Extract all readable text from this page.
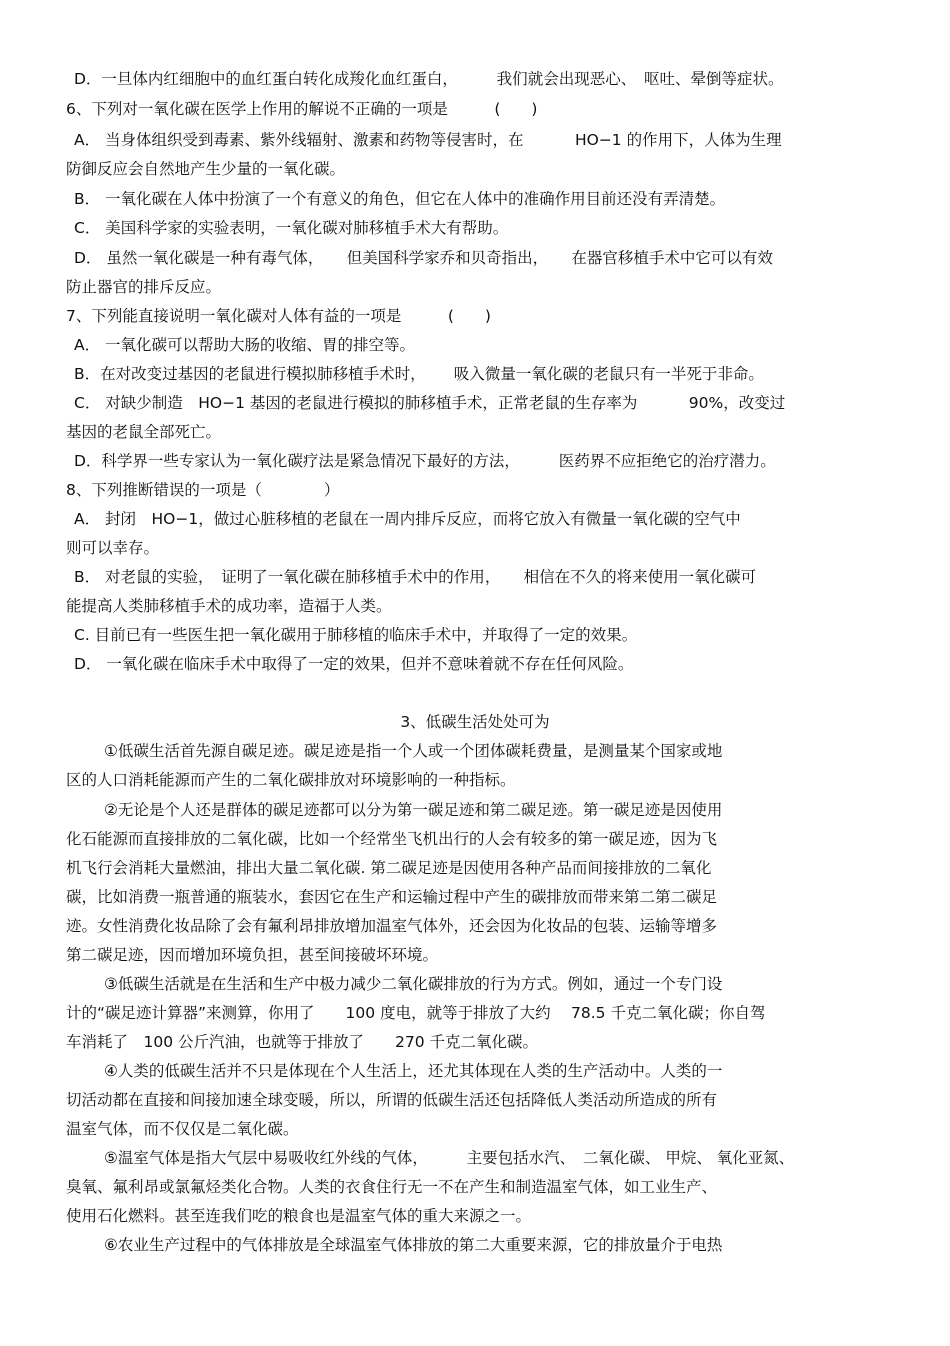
D．一旦体内红细胞中的血红蛋白转化成羧化血红蛋白，　　　我们就会出现恶心、　呕吐、晕倒等症状。
6、下列对一氧化碳在医学上作用的解说不正确的一项是　　　(　　)
A． 当身体组织受到毒素、紫外线辐射、激素和药物等侵害时，在　　　 HO−1 的作用下，人体为生理
防御反应会自然地产生少量的一氧化碳。
B． 一氧化碳在人体中扮演了一个有意义的角色，但它在人体中的准确作用目前还没有弄清楚。
C． 美国科学家的实验表明，一氧化碳对肺移植手术大有帮助。
D． 虽然一氧化碳是一种有毒气体，　　但美国科学家乔和贝奇指出，　　在器官移植手术中它可以有效
防止器官的排斥反应。
7、下列能直接说明一氧化碳对人体有益的一项是　　　(　　)
A． 一氧化碳可以帮助大肠的收缩、胃的排空等。
B．在对改变过基因的老鼠进行模拟肺移植手术时，　　 吸入微量一氧化碳的老鼠只有一半死于非命。
C． 对缺少制造　HO−1 基因的老鼠进行模拟的肺移植手术，正常老鼠的生存率为　　　 90%，改变过
基因的老鼠全部死亡。
D．科学界一些专家认为一氧化碳疗法是紧急情况下最好的方法，　　　医药界不应拒绝它的治疗潜力。
8、下列推断错误的一项是（　　　　）
A． 封闭　HO−1，做过心脏移植的老鼠在一周内排斥反应，而将它放入有微量一氧化碳的空气中
则可以幸存。
B． 对老鼠的实验，　证明了一氧化碳在肺移植手术中的作用，　　相信在不久的将来使用一氧化碳可
能提高人类肺移植手术的成功率，造福于人类。
C. 目前已有一些医生把一氧化碳用于肺移植的临床手术中，并取得了一定的效果。
D． 一氧化碳在临床手术中取得了一定的效果，但并不意味着就不存在任何风险。
3、低碳生活处处可为
①低碳生活首先源自碳足迹。碳足迹是指一个人或一个团体碳耗费量，是测量某个国家或地
区的人口消耗能源而产生的二氧化碳排放对环境影响的一种指标。
②无论是个人还是群体的碳足迹都可以分为第一碳足迹和第二碳足迹。第一碳足迹是因使用
化石能源而直接排放的二氧化碳，比如一个经常坐飞机出行的人会有较多的第一碳足迹，因为飞
机飞行会消耗大量燃油，排出大量二氧化碳. 第二碳足迹是因使用各种产品而间接排放的二氧化
碳，比如消费一瓶普通的瓶装水，套因它在生产和运输过程中产生的碳排放而带来第二第二碳足
迹。女性消费化妆品除了会有氟利昂排放增加温室气体外，还会因为化妆品的包装、运输等增多
第二碳足迹，因而增加环境负担，甚至间接破坏环境。
③低碳生活就是在生活和生产中极力减少二氧化碳排放的行为方式。例如，通过一个专门设
计的“碳足迹计算器”来测算，你用了　　100 度电，就等于排放了大约　 78.5 千克二氧化碳；你自驾
车消耗了　100 公斤汽油，也就等于排放了　　270 千克二氧化碳。
④人类的低碳生活并不只是体现在个人生活上，还尤其体现在人类的生产活动中。人类的一
切活动都在直接和间接加速全球变暖，所以，所谓的低碳生活还包括降低人类活动所造成的所有
温室气体，而不仅仅是二氧化碳。
⑤温室气体是指大气层中易吸收红外线的气体，　　　主要包括水汽、　二氧化碳、 甲烷、 氧化亚氮、
臭氧、氟利昂或氯氟烃类化合物。人类的衣食住行无一不在产生和制造温室气体，如工业生产、
使用石化燃料。甚至连我们吃的粮食也是温室气体的重大来源之一。
⑥农业生产过程中的气体排放是全球温室气体排放的第二大重要来源，它的排放量介于电热
